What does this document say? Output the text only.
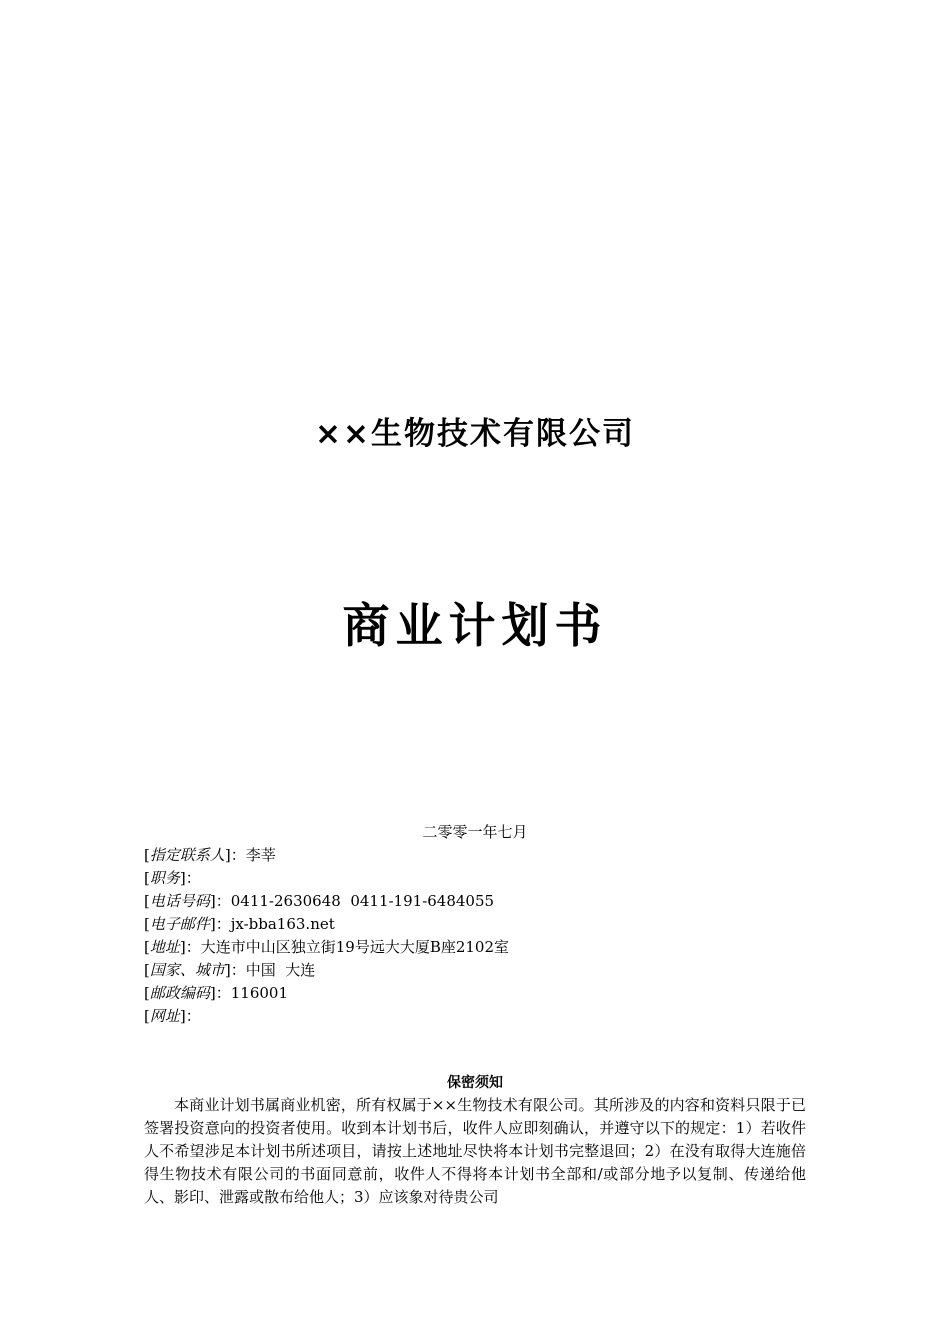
××生物技术有限公司
商业计划书
二零零一年七月
[指定联系人]：李莘
[职务]：
[电话号码]：0411-2630648  0411-191-6484055
[电子邮件]：jx-bba163.net
[地址]：大连市中山区独立街19号远大大厦B座2102室
[国家、城市]：中国  大连
[邮政编码]：116001
[网址]：
保密须知

本商业计划书属商业机密，所有权属于××生物技术有限公司。其所涉及的内容和资料只限于已签署投资意向的投资者使用。收到本计划书后，收件人应即刻确认，并遵守以下的规定：1）若收件人不希望涉足本计划书所述项目，请按上述地址尽快将本计划书完整退回；2）在没有取得大连施倍得生物技术有限公司的书面同意前，收件人不得将本计划书全部和/或部分地予以复制、传递给他人、影印、泄露或散布给他人；3）应该象对待贵公司
